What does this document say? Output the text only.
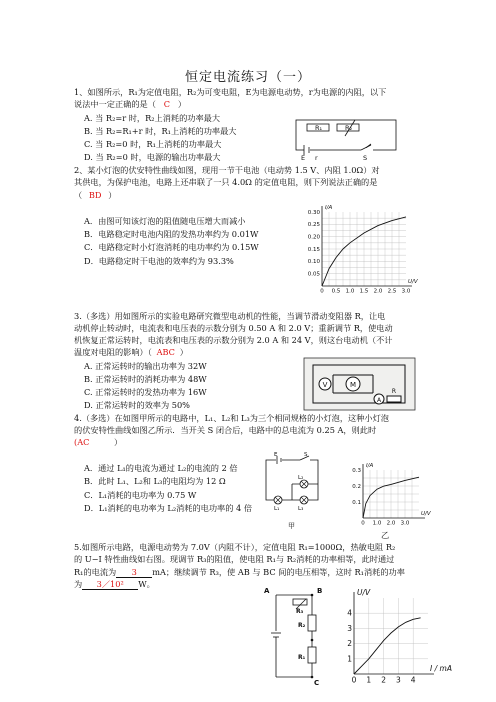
恒定电流练习（一）
1、如图所示，R₁为定值电阻，R₂为可变电阻，E为电源电动势，r为电源的内阻，以下
说法中一定正确的是（ C ）
A. 当 R₂=r 时，R₂上消耗的功率最大
B. 当 R₂=R₁+r 时，R₁上消耗的功率最大
C. 当 R₂=0 时，R₁上消耗的功率最大
D. 当 R₂=0 时，电源的输出功率最大
R₁	R₂
E r	S
2、某小灯泡的伏安特性曲线如图，现用一节干电池（电动势 1.5 V、内阻 1.0Ω）对
其供电，为保护电池，电路上还串联了一只 4.0Ω 的定值电阻，则下列说法正确的是
（ BD ）
A．由图可知该灯泡的阻值随电压增大而减小
B．电路稳定时电池内阻的发热功率约为 0.01W
C．电路稳定时小灯泡消耗的电功率约为 0.15W
D．电路稳定时干电池的效率约为 93.3%
0 0.5 1.0 1.5 2.0 2.5 3.0
0.05
0.10
0.15
0.20
0.25
0.30
U/V
I/A
3.（多选）用如图所示的实验电路研究微型电动机的性能，当调节滑动变阻器 R，让电
动机停止转动时，电流表和电压表的示数分别为 0.50 A 和 2.0 V；重新调节 R，使电动
机恢复正常运转时，电流表和电压表的示数分别为 2.0 A 和 24 V，则这台电动机（不计
温度对电阻的影响）（ ABC ）
A. 正常运转时的输出功率为 32W
B. 正常运转时的消耗功率为 48W
C. 正常运转时的发热功率为 16W
D. 正常运转时的效率为 50%
V	M
A
R
4.（多选）在如图甲所示的电路中，L₁、L₂和 L₃为三个相同规格的小灯泡，这种小灯泡
的伏安特性曲线如图乙所示．当开关 S 闭合后，电路中的总电流为 0.25 A，则此时
(AC	）
A．通过 L₁的电流为通过 L₂的电流的 2 倍
B．此时 L₁、L₂和 L₃的电阻均为 12 Ω
C．L₁消耗的电功率为 0.75 W
D．L₁消耗的电功率为 L₂消耗的电功率的 4 倍
E	S
L₁
L₂
L₃
甲	0 1.0 2.0 3.0
0.1
0.2
0.3
U/V
I/A
乙
5.如图所示电路，电源电动势为 7.0V（内阻不计），定值电阻 R₁=1000Ω，热敏电阻 R₂
的 U−I 特性曲线如右图。现调节 R₃的阻值，使电阻 R₁与 R₂消耗的功率相等，此时通过
R₁的电流为 3 mA；继续调节 R₃，使 AB 与 BC 间的电压相等，这时 R₁消耗的功率
为 3／10² W。
A	B
C
R₃
R₂
R₁
0 1 2 3 4
1
2
3
4
I / mA
U/V
